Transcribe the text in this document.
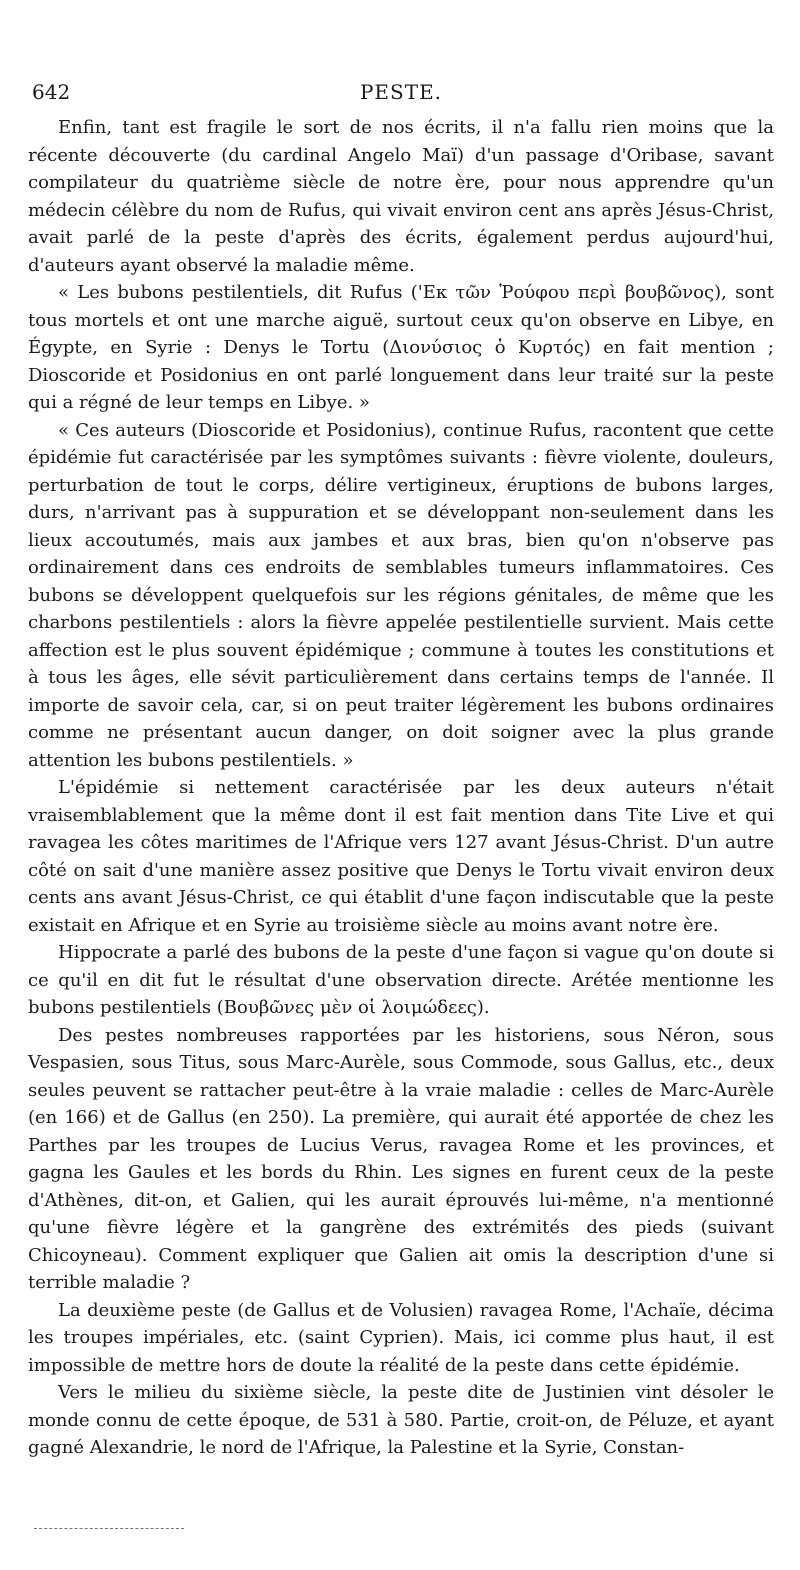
642	PESTE.

Enfin, tant est fragile le sort de nos écrits, il n'a fallu rien moins que la récente découverte (du cardinal Angelo Maï) d'un passage d'Oribase, savant compilateur du quatrième siècle de notre ère, pour nous apprendre qu'un médecin célèbre du nom de Rufus, qui vivait environ cent ans après Jésus-Christ, avait parlé de la peste d'après des écrits, également perdus aujourd'hui, d'auteurs ayant observé la maladie même.

« Les bubons pestilentiels, dit Rufus ('Εκ τῶν Ῥούφου περὶ βουβῶνος), sont tous mortels et ont une marche aiguë, surtout ceux qu'on observe en Libye, en Égypte, en Syrie : Denys le Tortu (Διονύσιος ὁ Κυρτός) en fait mention ; Dioscoride et Posidonius en ont parlé longuement dans leur traité sur la peste qui a régné de leur temps en Libye. »

« Ces auteurs (Dioscoride et Posidonius), continue Rufus, racontent que cette épidémie fut caractérisée par les symptômes suivants : fièvre violente, douleurs, perturbation de tout le corps, délire vertigineux, éruptions de bubons larges, durs, n'arrivant pas à suppuration et se développant non-seulement dans les lieux accoutumés, mais aux jambes et aux bras, bien qu'on n'observe pas ordinairement dans ces endroits de semblables tumeurs inflammatoires. Ces bubons se développent quelquefois sur les régions génitales, de même que les charbons pestilentiels : alors la fièvre appelée pestilentielle survient. Mais cette affection est le plus souvent épidémique ; commune à toutes les constitutions et à tous les âges, elle sévit particulièrement dans certains temps de l'année. Il importe de savoir cela, car, si on peut traiter légèrement les bubons ordinaires comme ne présentant aucun danger, on doit soigner avec la plus grande attention les bubons pestilentiels. »

L'épidémie si nettement caractérisée par les deux auteurs n'était vraisemblablement que la même dont il est fait mention dans Tite Live et qui ravagea les côtes maritimes de l'Afrique vers 127 avant Jésus-Christ. D'un autre côté on sait d'une manière assez positive que Denys le Tortu vivait environ deux cents ans avant Jésus-Christ, ce qui établit d'une façon indiscutable que la peste existait en Afrique et en Syrie au troisième siècle au moins avant notre ère.

Hippocrate a parlé des bubons de la peste d'une façon si vague qu'on doute si ce qu'il en dit fut le résultat d'une observation directe. Arétée mentionne les bubons pestilentiels (Βουβῶνες μὲν οἱ λοιμώδεες).

Des pestes nombreuses rapportées par les historiens, sous Néron, sous Vespasien, sous Titus, sous Marc-Aurèle, sous Commode, sous Gallus, etc., deux seules peuvent se rattacher peut-être à la vraie maladie : celles de Marc-Aurèle (en 166) et de Gallus (en 250). La première, qui aurait été apportée de chez les Parthes par les troupes de Lucius Verus, ravagea Rome et les provinces, et gagna les Gaules et les bords du Rhin. Les signes en furent ceux de la peste d'Athènes, dit-on, et Galien, qui les aurait éprouvés lui-même, n'a mentionné qu'une fièvre légère et la gangrène des extrémités des pieds (suivant Chicoyneau). Comment expliquer que Galien ait omis la description d'une si terrible maladie ?

La deuxième peste (de Gallus et de Volusien) ravagea Rome, l'Achaïe, décima les troupes impériales, etc. (saint Cyprien). Mais, ici comme plus haut, il est impossible de mettre hors de doute la réalité de la peste dans cette épidémie.

Vers le milieu du sixième siècle, la peste dite de Justinien vint désoler le monde connu de cette époque, de 531 à 580. Partie, croit-on, de Péluze, et ayant gagné Alexandrie, le nord de l'Afrique, la Palestine et la Syrie, Constan-
